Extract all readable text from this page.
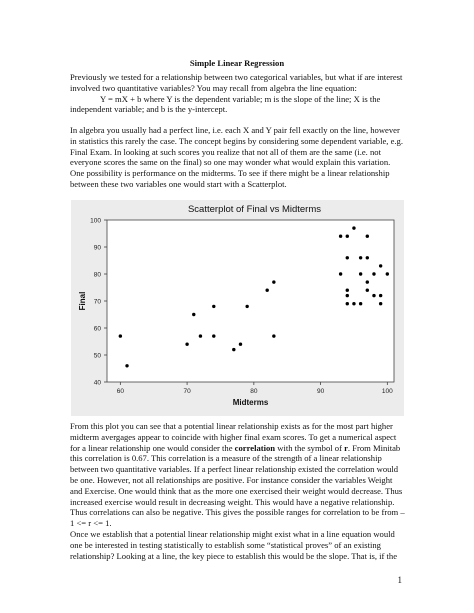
Simple Linear Regression

Previously we tested for a relationship between two categorical variables, but what if are interest

involved two quantitative variables? You may recall from algebra the line equation:

Y = mX + b where Y is the dependent variable; m is the slope of the line; X is the

independent variable; and b is the y-intercept.

In algebra you usually had a perfect line, i.e. each X and Y pair fell exactly on the line, however

in statistics this rarely the case. The concept begins by considering some dependent variable, e.g.

Final Exam. In looking at such scores you realize that not all of them are the same (i.e. not

everyone scores the same on the final) so one may wonder what would explain this variation.

One possibility is performance on the midterms. To see if there might be a linear relationship

between these two variables one would start with a Scatterplot.

Scatterplot of Final vs Midterms
60	70	80	90	100
40
50
60
70
80
90
100
Midterms
Final

From this plot you can see that a potential linear relationship exists as for the most part higher

midterm avergages appear to coincide with higher final exam scores. To get a numerical aspect

for a linear relationship one would consider the correlation with the symbol of r. From Minitab

this correlation is 0.67. This correlation is a measure of the strength of a linear relationship

between two quantitative variables. If a perfect linear relationship existed the correlation would

be one. However, not all relationships are positive. For instance consider the variables Weight

and Exercise. One would think that as the more one exercised their weight would decrease. Thus

increased exercise would result in decreasing weight. This would have a negative relationship.

Thus correlations can also be negative. This gives the possible ranges for correlation to be from –

1 <= r <= 1.

Once we establish that a potential linear relationship might exist what in a line equation would

one be interested in testing statistically to establish some “statistical proves” of an existing

relationship? Looking at a line, the key piece to establish this would be the slope. That is, if the

1
